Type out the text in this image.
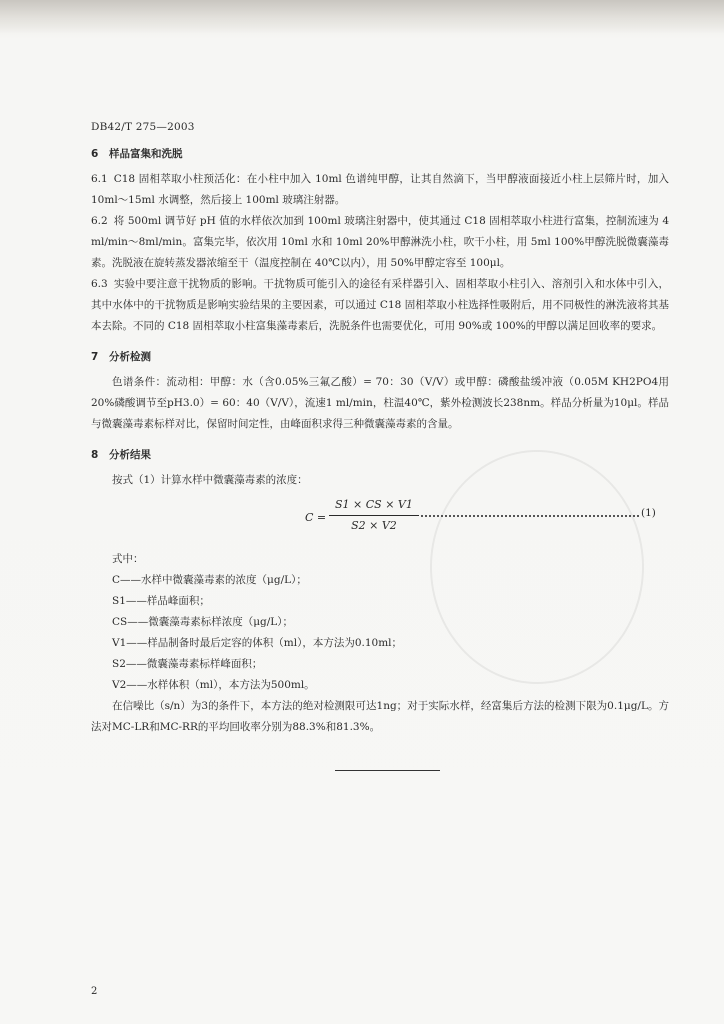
DB42/T 275—2003
6 样品富集和洗脱

6.1 C18 固相萃取小柱预活化：在小柱中加入 10ml 色谱纯甲醇，让其自然滴下，当甲醇液面接近小柱上层筛片时，加入 10ml～15ml 水调整，然后接上 100ml 玻璃注射器。

6.2 将 500ml 调节好 pH 值的水样依次加到 100ml 玻璃注射器中，使其通过 C18 固相萃取小柱进行富集，控制流速为 4 ml/min～8ml/min。富集完毕，依次用 10ml 水和 10ml 20%甲醇淋洗小柱，吹干小柱，用 5ml 100%甲醇洗脱微囊藻毒素。洗脱液在旋转蒸发器浓缩至干（温度控制在 40℃以内），用 50%甲醇定容至 100μl。

6.3 实验中要注意干扰物质的影响。干扰物质可能引入的途径有采样器引入、固相萃取小柱引入、溶剂引入和水体中引入，其中水体中的干扰物质是影响实验结果的主要因素，可以通过 C18 固相萃取小柱选择性吸附后，用不同极性的淋洗液将其基本去除。不同的 C18 固相萃取小柱富集藻毒素后，洗脱条件也需要优化，可用 90%或 100%的甲醇以满足回收率的要求。

7 分析检测

色谱条件：流动相：甲醇：水（含0.05%三氟乙酸）= 70：30（V/V）或甲醇：磷酸盐缓冲液（0.05M KH2PO4用20%磷酸调节至pH3.0）= 60：40（V/V），流速1 ml/min，柱温40℃，紫外检测波长238nm。样品分析量为10μl。样品与微囊藻毒素标样对比，保留时间定性，由峰面积求得三种微囊藻毒素的含量。

8 分析结果

按式（1）计算水样中微囊藻毒素的浓度：

C =
S1 × CS × V1
S2 × V2
(1)

式中：

C——水样中微囊藻毒素的浓度（μg/L）；

S1——样品峰面积；

CS——微囊藻毒素标样浓度（μg/L）；

V1——样品制备时最后定容的体积（ml），本方法为0.10ml；

S2——微囊藻毒素标样峰面积；

V2——水样体积（ml），本方法为500ml。

在信噪比（s/n）为3的条件下，本方法的绝对检测限可达1ng；对于实际水样，经富集后方法的检测下限为0.1μg/L。方法对MC-LR和MC-RR的平均回收率分别为88.3%和81.3%。

2
